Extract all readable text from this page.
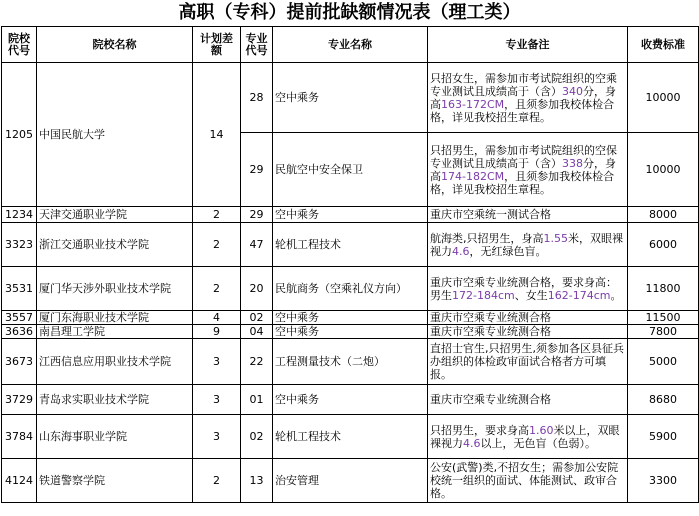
高职（专科）提前批缺额情况表（理工类）
院校代号	院校名称	计划差额	专业代号	专业名称	专业备注	收费标准
1205	中国民航大学	14	28	空中乘务	只招女生，需参加市考试院组织的空乘专业测试且成绩高于（含）340分，身高163-172CM，且须参加我校体检合格，详见我校招生章程。	10000
			29	民航空中安全保卫	只招男生，需参加市考试院组织的空保专业测试且成绩高于（含）338分，身高174-182CM，且须参加我校体检合格，详见我校招生章程。	10000
1234	天津交通职业学院	2	29	空中乘务	重庆市空乘统一测试合格	8000
3323	浙江交通职业技术学院	2	47	轮机工程技术	航海类,只招男生，身高1.55米，双眼裸视力4.6，无红绿色盲。	6000
3531	厦门华天涉外职业技术学院	2	20	民航商务（空乘礼仪方向）	重庆市空乘专业统测合格，要求身高：男生172-184cm、女生162-174cm。	11800
3557	厦门东海职业技术学院	4	02	空中乘务	重庆市空乘专业统测合格	11500
3636	南昌理工学院	9	04	空中乘务	重庆市空乘专业统测合格	7800
3673	江西信息应用职业技术学院	3	22	工程测量技术（二炮）	直招士官生,只招男生,须参加各区县征兵办组织的体检政审面试合格者方可填报。	5000
3729	青岛求实职业技术学院	3	01	空中乘务	重庆市空乘专业统测合格	8680
3784	山东海事职业学院	3	02	轮机工程技术	只招男生，要求身高1.60米以上，双眼裸视力4.6以上，无色盲（色弱）。	5900
4124	铁道警察学院	2	13	治安管理	公安(武警)类,不招女生；需参加公安院校统一组织的面试、体能测试、政审合格。	3300
